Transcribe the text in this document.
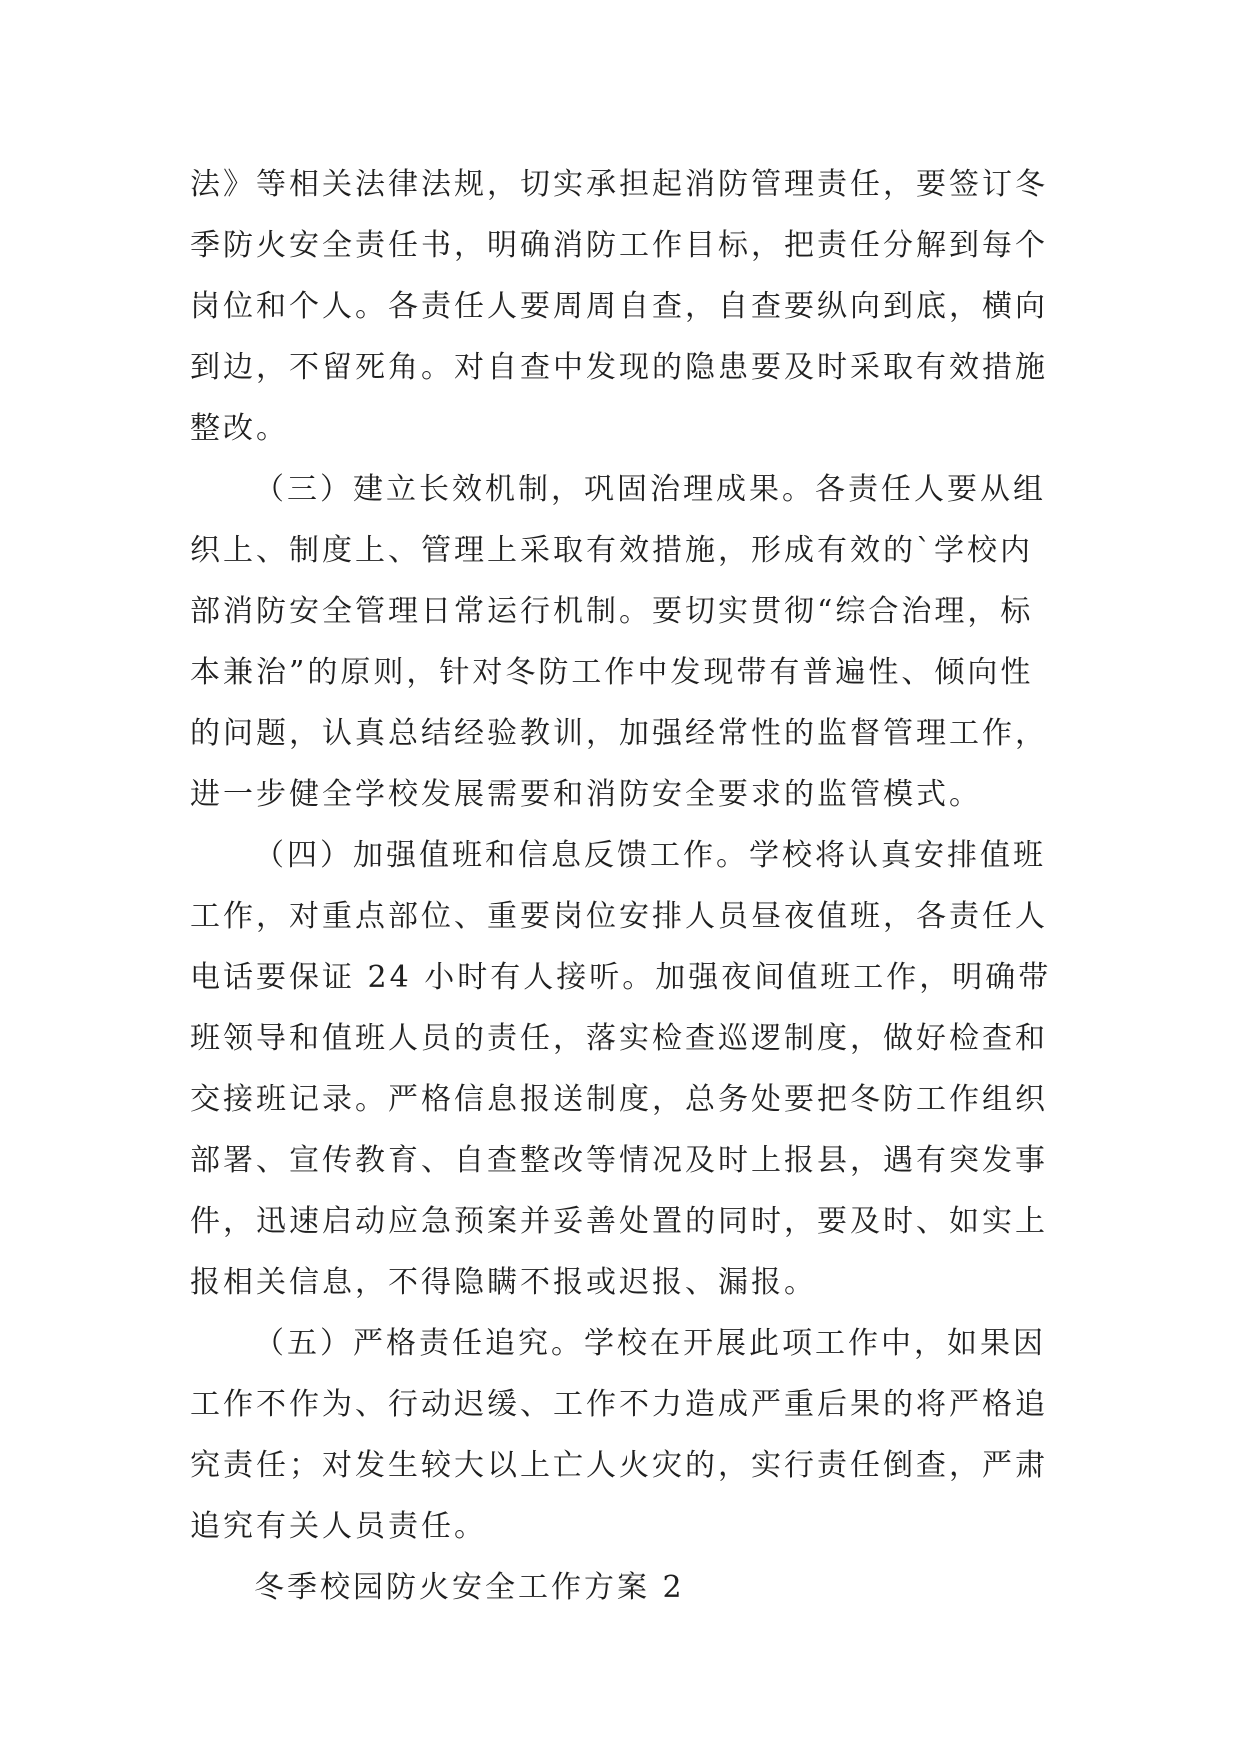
法》等相关法律法规，切实承担起消防管理责任，要签订冬
季防火安全责任书，明确消防工作目标，把责任分解到每个
岗位和个人。各责任人要周周自查，自查要纵向到底，横向
到边，不留死角。对自查中发现的隐患要及时采取有效措施
整改。
（三）建立长效机制，巩固治理成果。各责任人要从组
织上、制度上、管理上采取有效措施，形成有效的`学校内
部消防安全管理日常运行机制。要切实贯彻“综合治理，标
本兼治”的原则，针对冬防工作中发现带有普遍性、倾向性
的问题，认真总结经验教训，加强经常性的监督管理工作，
进一步健全学校发展需要和消防安全要求的监管模式。
（四）加强值班和信息反馈工作。学校将认真安排值班
工作，对重点部位、重要岗位安排人员昼夜值班，各责任人
电话要保证 24 小时有人接听。加强夜间值班工作，明确带
班领导和值班人员的责任，落实检查巡逻制度，做好检查和
交接班记录。严格信息报送制度，总务处要把冬防工作组织
部署、宣传教育、自查整改等情况及时上报县，遇有突发事
件，迅速启动应急预案并妥善处置的同时，要及时、如实上
报相关信息，不得隐瞒不报或迟报、漏报。
（五）严格责任追究。学校在开展此项工作中，如果因
工作不作为、行动迟缓、工作不力造成严重后果的将严格追
究责任；对发生较大以上亡人火灾的，实行责任倒查，严肃
追究有关人员责任。
冬季校园防火安全工作方案 2
